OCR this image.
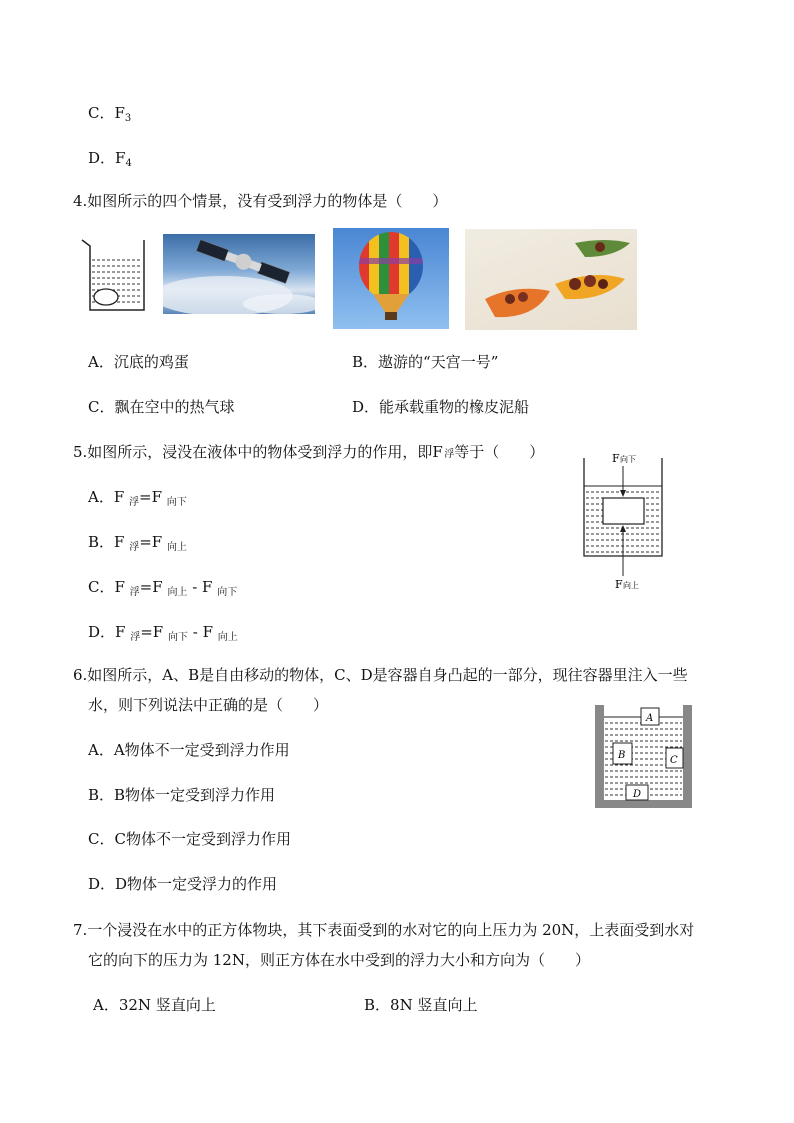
C．$F_3$
D．$F_4$
4.如图所示的四个情景，没有受到浮力的物体是（　　）
A．沉底的鸡蛋	B．遨游的“天宫一号”
C．飘在空中的热气球	D．能承载重物的橡皮泥船
5.如图所示，浸没在液体中的物体受到浮力的作用，即F  浮等于（　　）
A．F $_浮$=F $_{向下}$
B．F $_浮$=F $_{向上}$
C．F $_浮$=F $_{向上}$ - F $_{向下}$
D．F $_浮$=F $_{向下}$ - F $_{向上}$
F 向下
F 向上
6.如图所示，A、B是自由移动的物体，C、D是容器自身凸起的一部分，现往容器里注入一些
水，则下列说法中正确的是（　　）
A．A物体不一定受到浮力作用
B．B物体一定受到浮力作用
C．C物体不一定受到浮力作用
D．D物体一定受浮力的作用
A
B	C
D
7.一个浸没在水中的正方体物块，其下表面受到的水对它的向上压力为 20N，上表面受到水对
它的向下的压力为 12N，则正方体在水中受到的浮力大小和方向为（　　）
A．32N 竖直向上	B．8N 竖直向上
